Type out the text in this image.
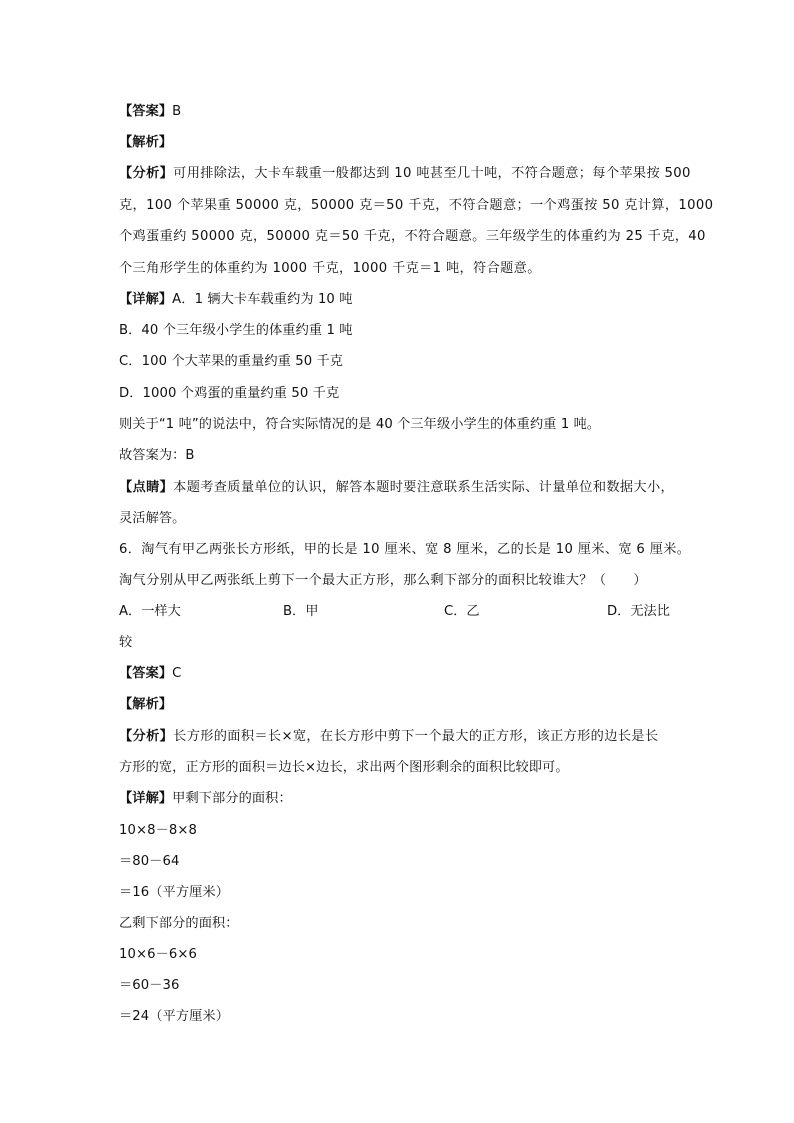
【答案】B
【解析】
【分析】可用排除法，大卡车载重一般都达到 10 吨甚至几十吨，不符合题意；每个苹果按 500
克，100 个苹果重 50000 克，50000 克＝50 千克，不符合题意；一个鸡蛋按 50 克计算，1000
个鸡蛋重约 50000 克，50000 克＝50 千克，不符合题意。三年级学生的体重约为 25 千克，40
个三角形学生的体重约为 1000 千克，1000 千克＝1 吨，符合题意。
【详解】A．1 辆大卡车载重约为 10 吨
B．40 个三年级小学生的体重约重 1 吨
C．100 个大苹果的重量约重 50 千克
D．1000 个鸡蛋的重量约重 50 千克
则关于“1 吨”的说法中，符合实际情况的是 40 个三年级小学生的体重约重 1 吨。
故答案为：B
【点睛】本题考查质量单位的认识，解答本题时要注意联系生活实际、计量单位和数据大小，
灵活解答。
6．淘气有甲乙两张长方形纸，甲的长是 10 厘米、宽 8 厘米，乙的长是 10 厘米、宽 6 厘米。
淘气分别从甲乙两张纸上剪下一个最大正方形，那么剩下部分的面积比较谁大？（　　）
A．一样大	B．甲	C．乙	D．无法比
较
【答案】C
【解析】
【分析】长方形的面积＝长×宽，在长方形中剪下一个最大的正方形，该正方形的边长是长
方形的宽，正方形的面积＝边长×边长，求出两个图形剩余的面积比较即可。
【详解】甲剩下部分的面积：
10×8－8×8
＝80－64
＝16（平方厘米）
乙剩下部分的面积：
10×6－6×6
＝60－36
＝24（平方厘米）
